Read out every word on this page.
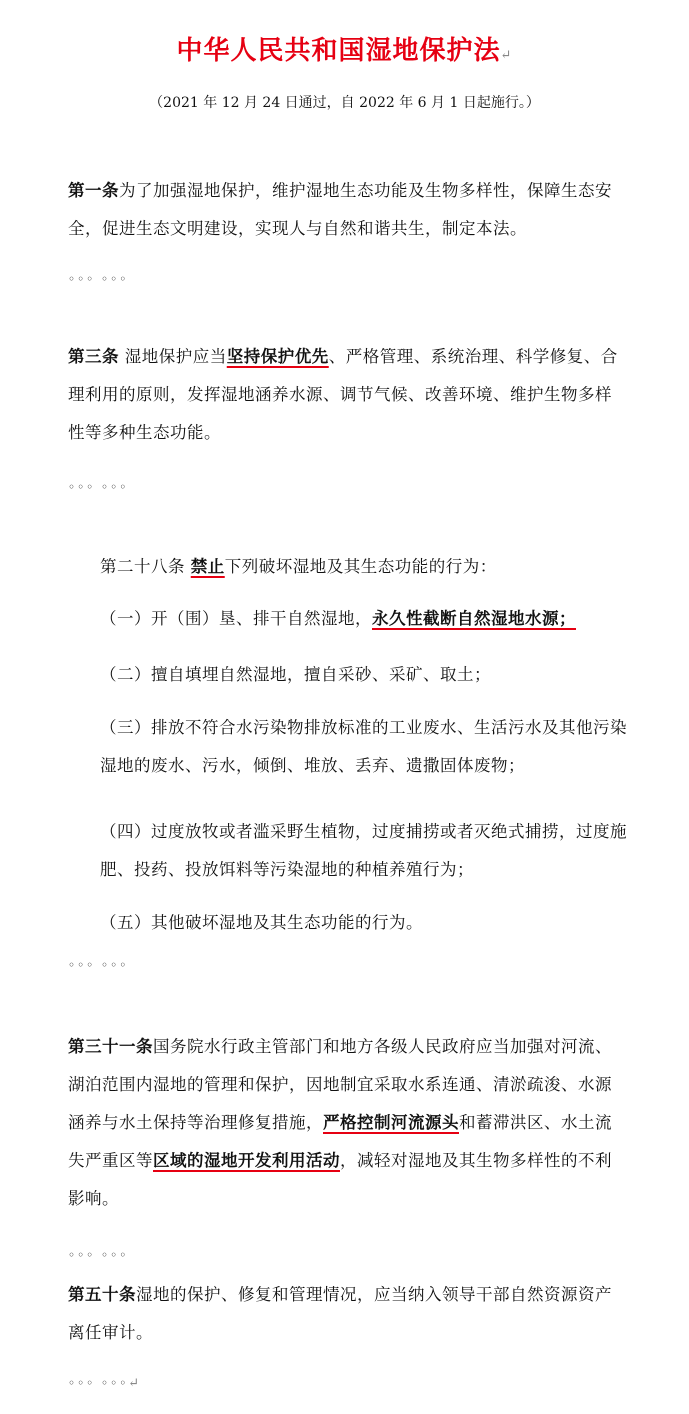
中华人民共和国湿地保护法↵
（2021 年 12 月 24 日通过，自 2022 年 6 月 1 日起施行。）
第一条为了加强湿地保护，维护湿地生态功能及生物多样性，保障生态安全，促进生态文明建设，实现人与自然和谐共生，制定本法。
◦◦◦ ◦◦◦
第三条 湿地保护应当坚持保护优先、严格管理、系统治理、科学修复、合理利用的原则，发挥湿地涵养水源、调节气候、改善环境、维护生物多样性等多种生态功能。
◦◦◦ ◦◦◦
第二十八条 禁止下列破坏湿地及其生态功能的行为：
（一）开（围）垦、排干自然湿地，永久性截断自然湿地水源；
（二）擅自填埋自然湿地，擅自采砂、采矿、取土；
（三）排放不符合水污染物排放标准的工业废水、生活污水及其他污染湿地的废水、污水，倾倒、堆放、丢弃、遗撒固体废物；
（四）过度放牧或者滥采野生植物，过度捕捞或者灭绝式捕捞，过度施肥、投药、投放饵料等污染湿地的种植养殖行为；
（五）其他破坏湿地及其生态功能的行为。
◦◦◦ ◦◦◦
第三十一条国务院水行政主管部门和地方各级人民政府应当加强对河流、湖泊范围内湿地的管理和保护，因地制宜采取水系连通、清淤疏浚、水源涵养与水土保持等治理修复措施，严格控制河流源头和蓄滞洪区、水土流失严重区等区域的湿地开发利用活动，减轻对湿地及其生物多样性的不利影响。
◦◦◦ ◦◦◦
第五十条湿地的保护、修复和管理情况，应当纳入领导干部自然资源资产离任审计。
◦◦◦ ◦◦◦↵
